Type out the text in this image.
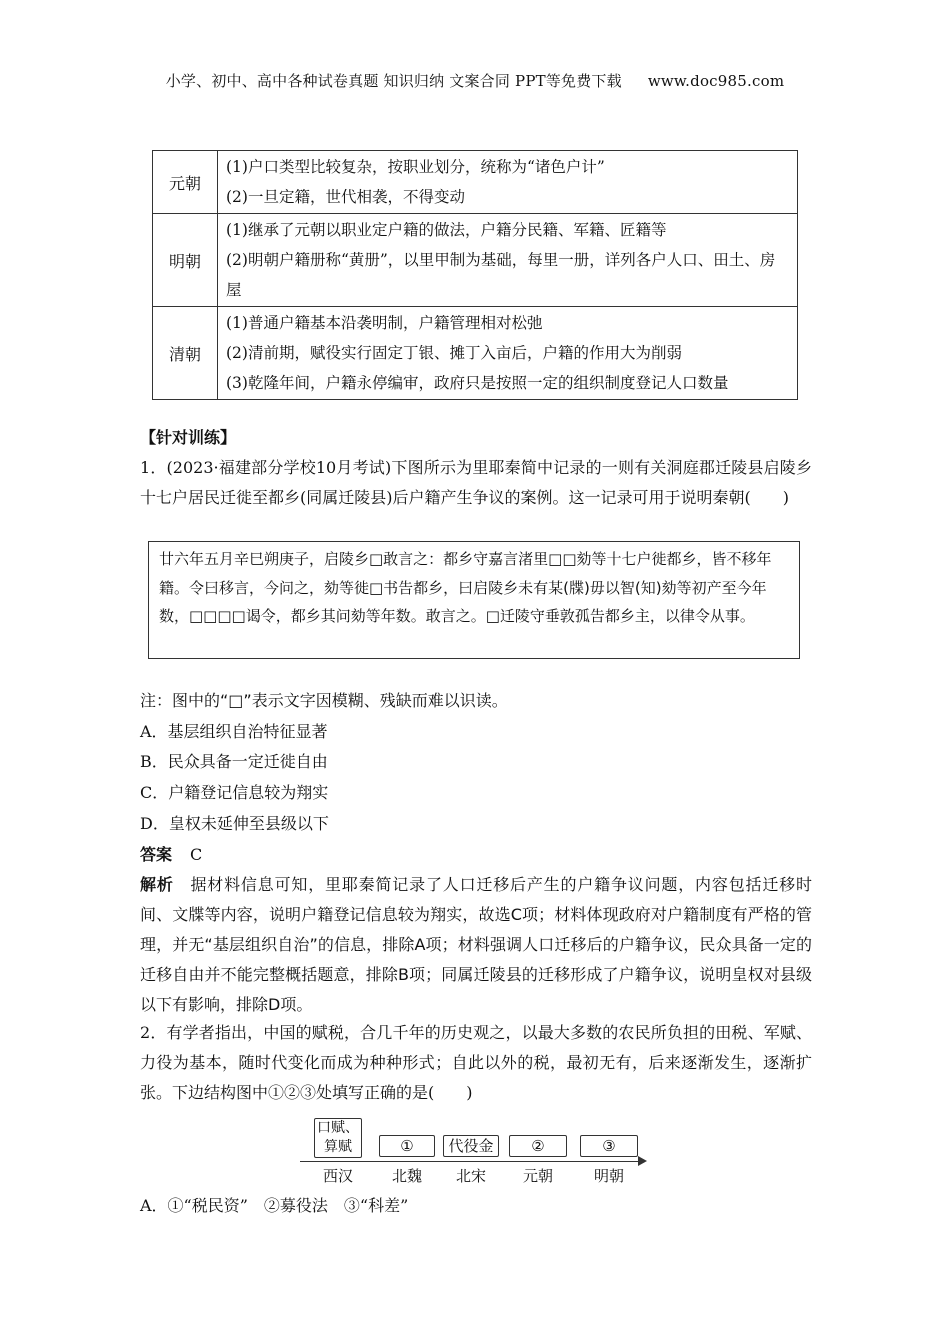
小学、初中、高中各种试卷真题 知识归纳 文案合同 PPT等免费下载 www.doc985.com
元朝	(1)户口类型比较复杂，按职业划分，统称为“诸色户计”
(2)一旦定籍，世代相袭，不得变动

明朝	(1)继承了元朝以职业定户籍的做法，户籍分民籍、军籍、匠籍等
(2)明朝户籍册称“黄册”，以里甲制为基础，每里一册，详列各户人口、田土、房屋

清朝	(1)普通户籍基本沿袭明制，户籍管理相对松弛
(2)清前期，赋役实行固定丁银、摊丁入亩后，户籍的作用大为削弱
(3)乾隆年间，户籍永停编审，政府只是按照一定的组织制度登记人口数量
【针对训练】
1．(2023·福建部分学校10月考试)下图所示为里耶秦简中记录的一则有关洞庭郡迁陵县启陵乡十七户居民迁徙至都乡(同属迁陵县)后户籍产生争议的案例。这一记录可用于说明秦朝(　　)
廿六年五月辛巳朔庚子，启陵乡□敢言之：都乡守嘉言渚里□□劾等十七户徙都乡，皆不移年籍。令曰移言，今问之，劾等徙□书告都乡，曰启陵乡未有某(牒)毋以智(知)劾等初产至今年数，□□□□谒令，都乡其问劾等年数。敢言之。□迁陵守垂敦孤告都乡主，以律令从事。
注：图中的“□”表示文字因模糊、残缺而难以识读。
A．基层组织自治特征显著
B．民众具备一定迁徙自由
C．户籍登记信息较为翔实
D．皇权未延伸至县级以下
答案 C
解析　 据材料信息可知，里耶秦简记录了人口迁移后产生的户籍争议问题，内容包括迁移时间、文牒等内容，说明户籍登记信息较为翔实，故选C项；材料体现政府对户籍制度有严格的管理，并无“基层组织自治”的信息，排除A项；材料强调人口迁移后的户籍争议，民众具备一定的迁移自由并不能完整概括题意，排除B项；同属迁陵县的迁移形成了户籍争议，说明皇权对县级以下有影响，排除D项。
2．有学者指出，中国的赋税，合几千年的历史观之，以最大多数的农民所负担的田税、军赋、力役为基本，随时代变化而成为种种形式；自此以外的税，最初无有，后来逐渐发生，逐渐扩张。下边结构图中①②③处填写正确的是(　　)
口赋、
算赋	①	代役金	②	③
西汉	北魏	北宋	元朝	明朝
A．①“税民资”　②募役法　③“科差”
